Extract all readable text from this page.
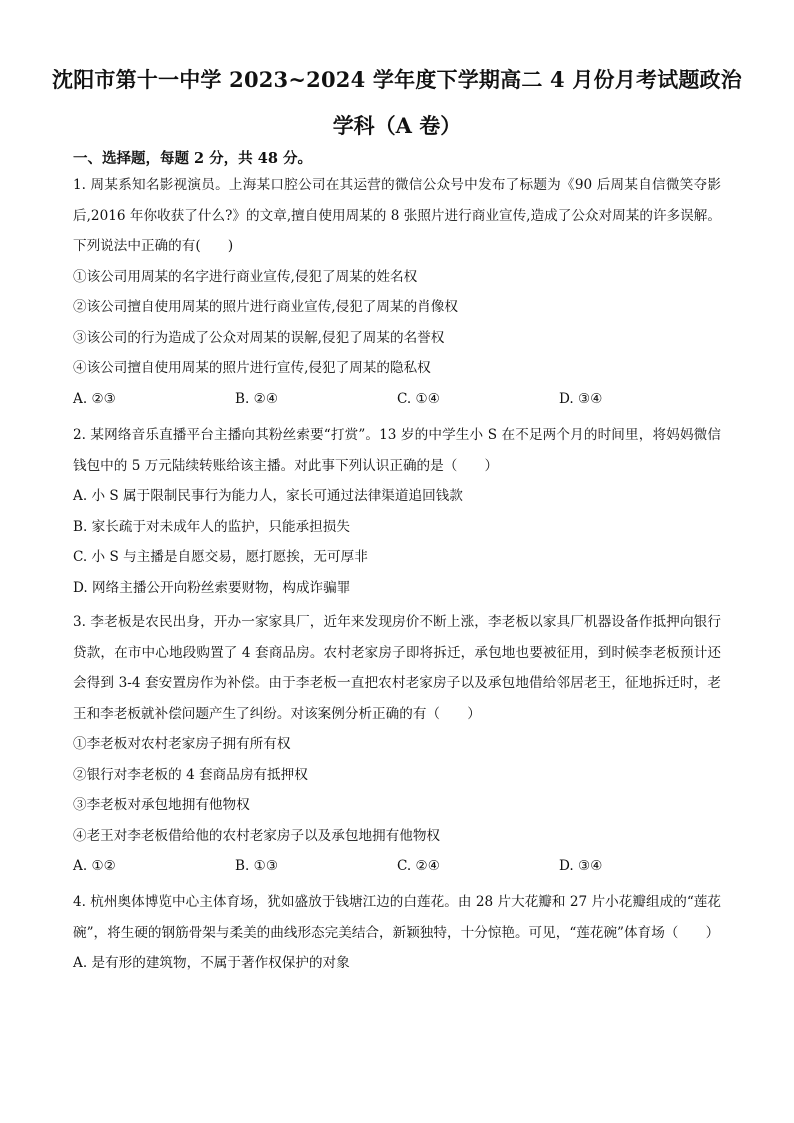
沈阳市第十一中学 2023~2024 学年度下学期高二 4 月份月考试题政治
学科（A 卷）
一、选择题，每题 2 分，共 48 分。
1. 周某系知名影视演员。上海某口腔公司在其运营的微信公众号中发布了标题为《90 后周某自信微笑夺影后,2016 年你收获了什么?》的文章,擅自使用周某的 8 张照片进行商业宣传,造成了公众对周某的许多误解。下列说法中正确的有(　　)
①该公司用周某的名字进行商业宣传,侵犯了周某的姓名权
②该公司擅自使用周某的照片进行商业宣传,侵犯了周某的肖像权
③该公司的行为造成了公众对周某的误解,侵犯了周某的名誉权
④该公司擅自使用周某的照片进行宣传,侵犯了周某的隐私权
A. ②③	B. ②④	C. ①④	D. ③④
2. 某网络音乐直播平台主播向其粉丝索要“打赏”。13 岁的中学生小 S 在不足两个月的时间里，将妈妈微信钱包中的 5 万元陆续转账给该主播。对此事下列认识正确的是（　　）
A. 小 S 属于限制民事行为能力人，家长可通过法律渠道追回钱款
B. 家长疏于对未成年人的监护，只能承担损失
C. 小 S 与主播是自愿交易，愿打愿挨，无可厚非
D. 网络主播公开向粉丝索要财物，构成诈骗罪
3. 李老板是农民出身，开办一家家具厂，近年来发现房价不断上涨，李老板以家具厂机器设备作抵押向银行贷款，在市中心地段购置了 4 套商品房。农村老家房子即将拆迁，承包地也要被征用，到时候李老板预计还会得到 3-4 套安置房作为补偿。由于李老板一直把农村老家房子以及承包地借给邻居老王，征地拆迁时，老王和李老板就补偿问题产生了纠纷。对该案例分析正确的有（　　）
①李老板对农村老家房子拥有所有权
②银行对李老板的 4 套商品房有抵押权
③李老板对承包地拥有他物权
④老王对李老板借给他的农村老家房子以及承包地拥有他物权
A. ①②	B. ①③	C. ②④	D. ③④
4. 杭州奥体博览中心主体育场，犹如盛放于钱塘江边的白莲花。由 28 片大花瓣和 27 片小花瓣组成的“莲花碗”，将生硬的钢筋骨架与柔美的曲线形态完美结合，新颖独特，十分惊艳。可见，“莲花碗”体育场（　　）
A. 是有形的建筑物，不属于著作权保护的对象
